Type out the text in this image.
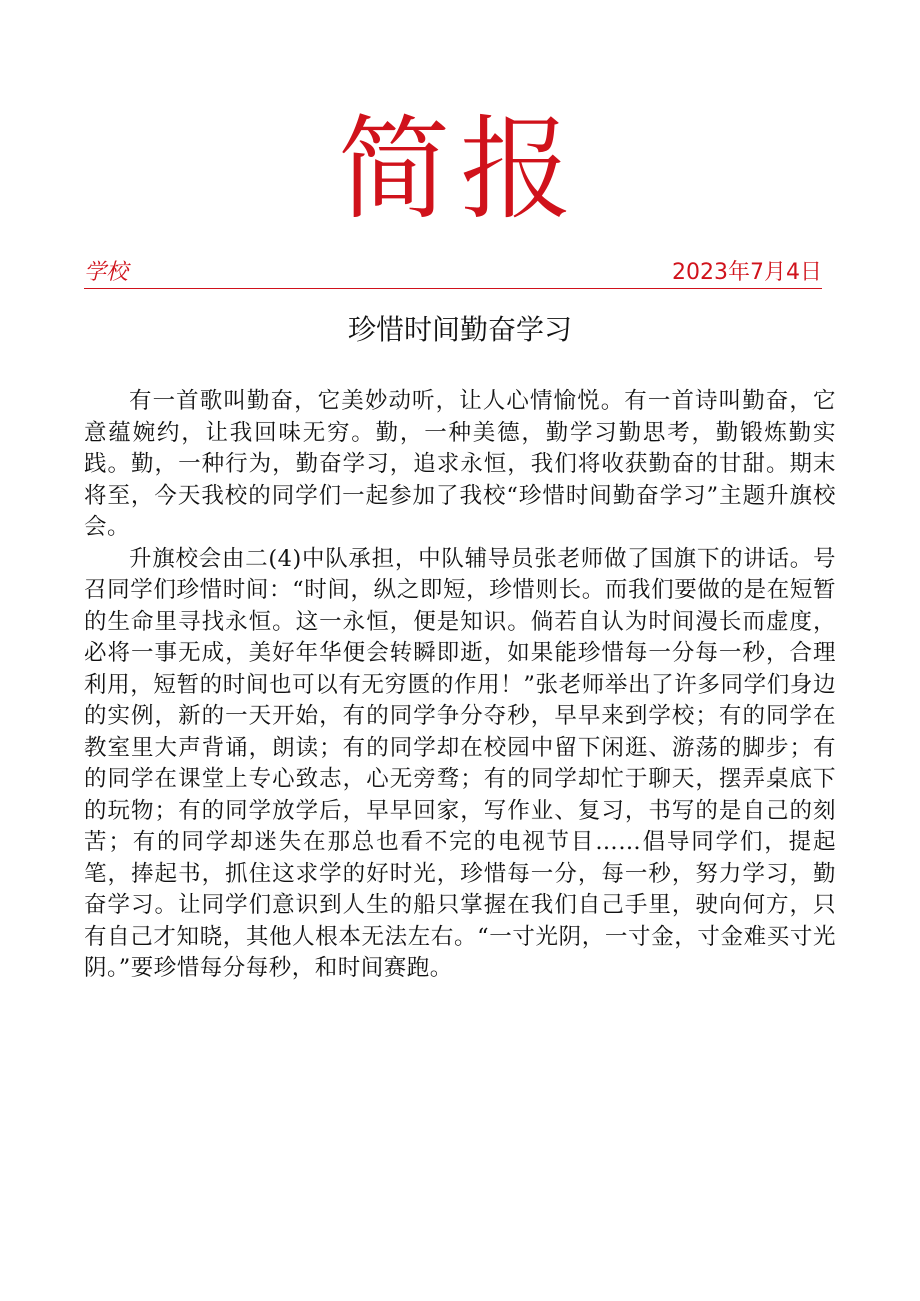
简报
学校	2023年7月4日
珍惜时间勤奋学习

有一首歌叫勤奋，它美妙动听，让人心情愉悦。有一首诗叫勤奋，它意蕴婉约，让我回味无穷。勤，一种美德，勤学习勤思考，勤锻炼勤实践。勤，一种行为，勤奋学习，追求永恒，我们将收获勤奋的甘甜。期末将至，今天我校的同学们一起参加了我校“珍惜时间勤奋学习”主题升旗校会。

升旗校会由二(4)中队承担，中队辅导员张老师做了国旗下的讲话。号召同学们珍惜时间：“时间，纵之即短，珍惜则长。而我们要做的是在短暂的生命里寻找永恒。这一永恒，便是知识。倘若自认为时间漫长而虚度，必将一事无成，美好年华便会转瞬即逝，如果能珍惜每一分每一秒，合理利用，短暂的时间也可以有无穷匮的作用！”张老师举出了许多同学们身边的实例，新的一天开始，有的同学争分夺秒，早早来到学校；有的同学在教室里大声背诵，朗读；有的同学却在校园中留下闲逛、游荡的脚步；有的同学在课堂上专心致志，心无旁骛；有的同学却忙于聊天，摆弄桌底下的玩物；有的同学放学后，早早回家，写作业、复习，书写的是自己的刻苦；有的同学却迷失在那总也看不完的电视节目……倡导同学们，提起笔，捧起书，抓住这求学的好时光，珍惜每一分，每一秒，努力学习，勤奋学习。让同学们意识到人生的船只掌握在我们自己手里，驶向何方，只有自己才知晓，其他人根本无法左右。“一寸光阴，一寸金，寸金难买寸光阴。”要珍惜每分每秒，和时间赛跑。
